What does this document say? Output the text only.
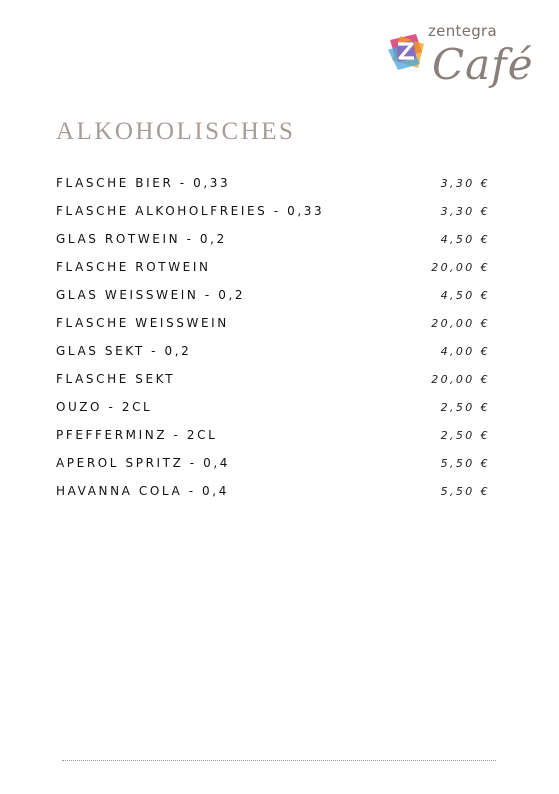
zentegra
Café
ALKOHOLISCHES
FLASCHE BIER - 0,33	3,30 €
FLASCHE ALKOHOLFREIES - 0,33	3,30 €
GLAS ROTWEIN - 0,2	4,50 €
FLASCHE ROTWEIN	20,00 €
GLAS WEISSWEIN - 0,2	4,50 €
FLASCHE WEISSWEIN	20,00 €
GLAS SEKT - 0,2	4,00 €
FLASCHE SEKT	20,00 €
OUZO - 2CL	2,50 €
PFEFFERMINZ - 2CL	2,50 €
APEROL SPRITZ - 0,4	5,50 €
HAVANNA COLA - 0,4	5,50 €
